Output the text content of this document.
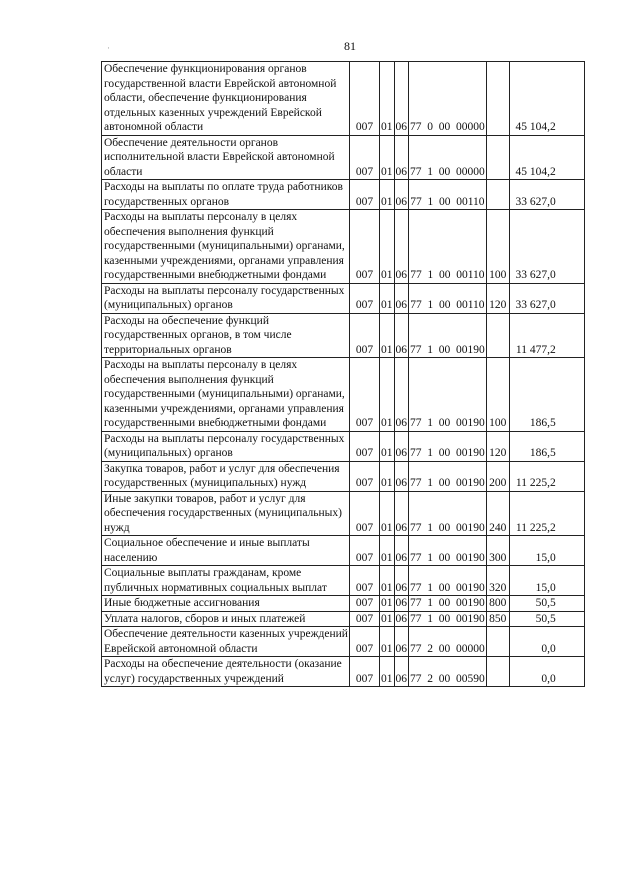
81
·
Обеспечение функционирования органов государственной власти Еврейской автономной области, обеспечение функционирования отдельных казенных учреждений Еврейской автономной области	007	01	06	77 0 00 00000		45 104,2
Обеспечение деятельности органов исполнительной власти Еврейской автономной области	007	01	06	77 1 00 00000		45 104,2
Расходы на выплаты по оплате труда работников государственных органов	007	01	06	77 1 00 00110		33 627,0
Расходы на выплаты персоналу в целях обеспечения выполнения функций государственными (муниципальными) органами, казенными учреждениями, органами управления государственными внебюджетными фондами	007	01	06	77 1 00 00110	100	33 627,0
Расходы на выплаты персоналу государственных (муниципальных) органов	007	01	06	77 1 00 00110	120	33 627,0
Расходы на обеспечение функций государственных органов, в том числе территориальных органов	007	01	06	77 1 00 00190		11 477,2
Расходы на выплаты персоналу в целях обеспечения выполнения функций государственными (муниципальными) органами, казенными учреждениями, органами управления государственными внебюджетными фондами	007	01	06	77 1 00 00190	100	186,5
Расходы на выплаты персоналу государственных (муниципальных) органов	007	01	06	77 1 00 00190	120	186,5
Закупка товаров, работ и услуг для обеспечения государственных (муниципальных) нужд	007	01	06	77 1 00 00190	200	11 225,2
Иные закупки товаров, работ и услуг для обеспечения государственных (муниципальных) нужд	007	01	06	77 1 00 00190	240	11 225,2
Социальное обеспечение и иные выплаты населению	007	01	06	77 1 00 00190	300	15,0
Социальные выплаты гражданам, кроме публичных нормативных социальных выплат	007	01	06	77 1 00 00190	320	15,0
Иные бюджетные ассигнования	007	01	06	77 1 00 00190	800	50,5
Уплата налогов, сборов и иных платежей	007	01	06	77 1 00 00190	850	50,5
Обеспечение деятельности казенных учреждений Еврейской автономной области	007	01	06	77 2 00 00000		0,0
Расходы на обеспечение деятельности (оказание услуг) государственных учреждений	007	01	06	77 2 00 00590		0,0
